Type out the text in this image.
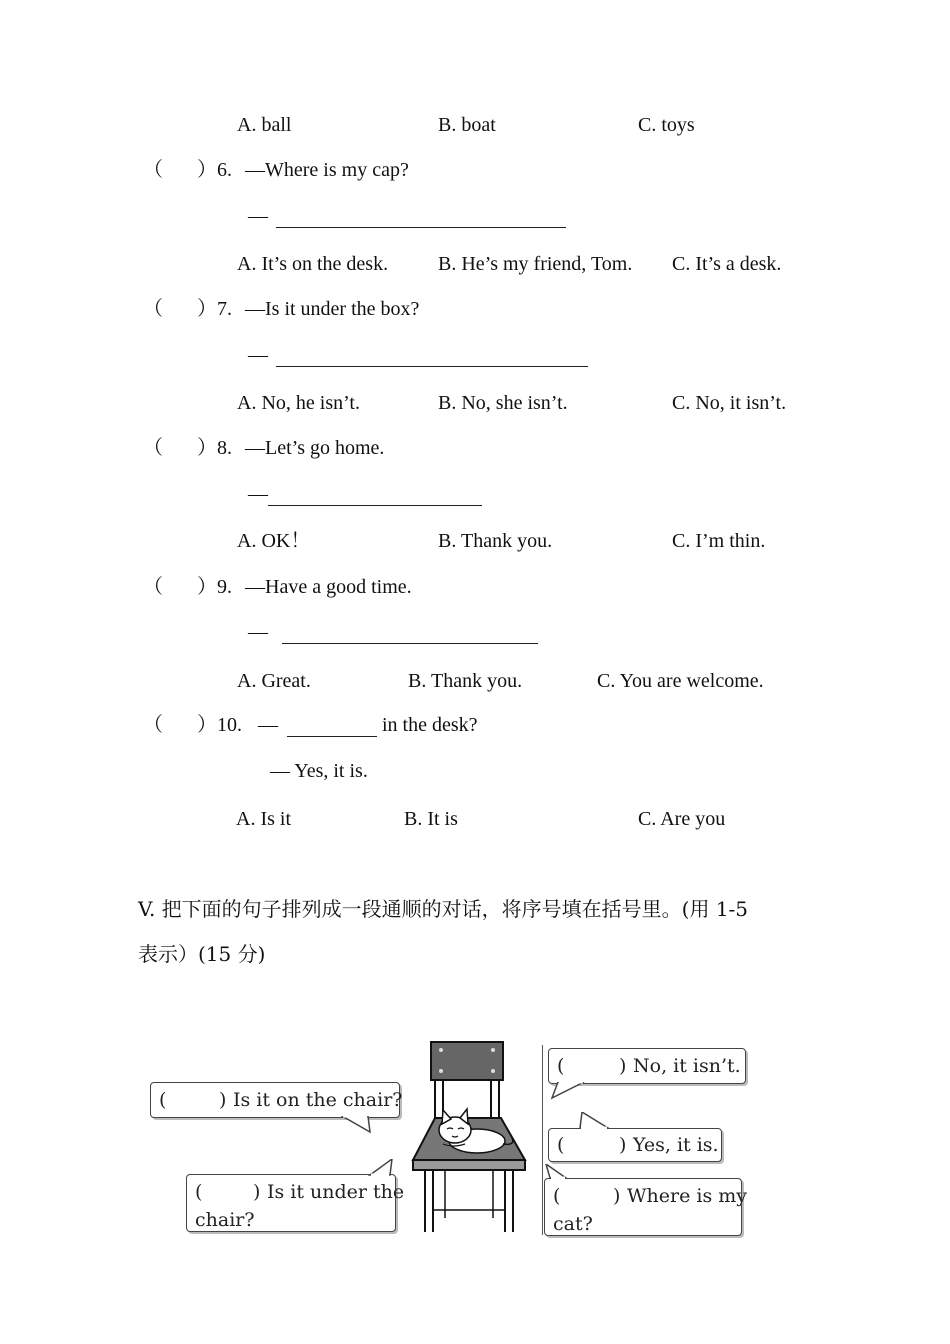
A. ball	B. boat	C. toys
（ ）6. —Where is my cap?
—
A. It’s on the desk. B. He’s my friend, Tom. C. It’s a desk.
（ ）7. —Is it under the box?
—
A. No, he isn’t.	B. No, she isn’t.	C. No, it isn’t.
（ ）8. —Let’s go home.
—
A. OK！	B. Thank you.	C. I’m thin.
（ ）9. —Have a good time.
—
A. Great.	B. Thank you.	C. You are welcome.
（ ）10. —	in the desk?
— Yes, it is.
A. Is it	B. It is	C. Are you
V. 把下面的句子排列成一段通顺的对话，将序号填在括号里。(用 1-5
表示）(15 分)
(	) Is it on the chair?
(	) Is it under the
chair?
(	) No, it isn’t.
(	) Yes, it is.
(	) Where is my
cat?
